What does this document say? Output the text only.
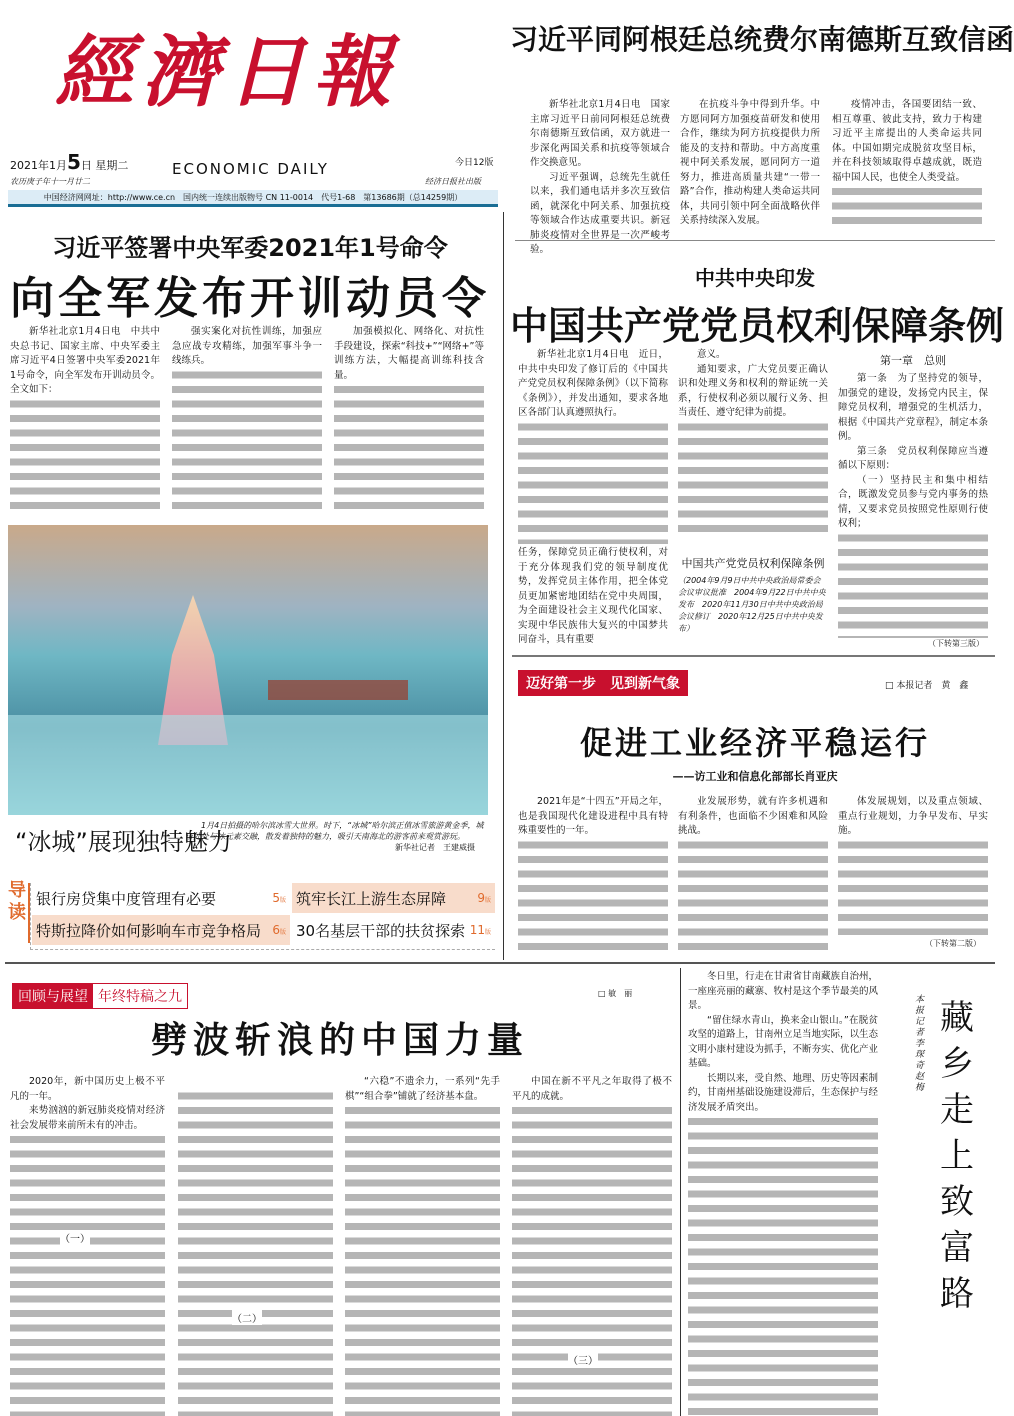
經濟日報
2021年1月5日 星期二
农历庚子年十一月廿二
ECONOMIC DAILY	今日12版
经济日报社出版
中国经济网网址：http://www.ce.cn　国内统一连续出版物号 CN 11-0014　代号1-68　第13686期（总14259期）
习近平同阿根廷总统费尔南德斯互致信函

新华社北京1月4日电　国家主席习近平日前同阿根廷总统费尔南德斯互致信函，双方就进一步深化两国关系和抗疫等领域合作交换意见。

习近平强调，总统先生就任以来，我们通电话并多次互致信函，就深化中阿关系、加强抗疫等领域合作达成重要共识。新冠肺炎疫情对全世界是一次严峻考验。

在抗疫斗争中得到升华。中方愿同阿方加强疫苗研发和使用合作，继续为阿方抗疫提供力所能及的支持和帮助。中方高度重视中阿关系发展，愿同阿方一道努力，推进高质量共建“一带一路”合作，推动构建人类命运共同体，共同引领中阿全面战略伙伴关系持续深入发展。

疫情冲击，各国要团结一致、相互尊重、彼此支持，致力于构建习近平主席提出的人类命运共同体。中国如期完成脱贫攻坚目标，并在科技领域取得卓越成就，既造福中国人民，也使全人类受益。

习近平签署中央军委2021年1号命令
向全军发布开训动员令

新华社北京1月4日电　中共中央总书记、国家主席、中央军委主席习近平4日签署中央军委2021年1号命令，向全军发布开训动员令。全文如下：

强实案化对抗性训练，加强应急应战专攻精练，加强军事斗争一线练兵。

加强模拟化、网络化、对抗性手段建设，探索“科技+”“网络+”等训练方法，大幅提高训练科技含量。

“冰城”展现独特魅力
1月4日拍摄的哈尔滨冰雪大世界。时下，“冰城”哈尔滨正值冰雪旅游黄金季，城市处处与冰元素交融，散发着独特的魅力，吸引天南海北的游客前来观赏游玩。
新华社记者　王建威摄
导读
银行房贷集中度管理有必要	5版 筑牢长江上游生态屏障	9版
特斯拉降价如何影响车市竞争格局 6版 30名基层干部的扶贫探索 11版
中共中央印发
中国共产党党员权利保障条例

新华社北京1月4日电　近日，中共中央印发了修订后的《中国共产党党员权利保障条例》（以下简称《条例》），并发出通知，要求各地区各部门认真遵照执行。

任务，保障党员正确行使权利，对于充分体现我们党的领导制度优势，发挥党员主体作用，把全体党员更加紧密地团结在党中央周围，为全面建设社会主义现代化国家、实现中华民族伟大复兴的中国梦共同奋斗，具有重要

意义。

通知要求，广大党员要正确认识和处理义务和权利的辩证统一关系，行使权利必须以履行义务、担当责任、遵守纪律为前提。

中国共产党党员权利保障条例
（2004年9月9日中共中央政治局常委会会议审议批准　2004年9月22日中共中央发布　2020年11月30日中共中央政治局会议修订　2020年12月25日中共中央发布）
第一章　总则

第一条　为了坚持党的领导，加强党的建设，发扬党内民主，保障党员权利，增强党的生机活力，根据《中国共产党章程》，制定本条例。

第三条　党员权利保障应当遵循以下原则：

（一）坚持民主和集中相结合，既激发党员参与党内事务的热情，又要求党员按照党性原则行使权利；

（下转第三版）
迈好第一步　见到新气象	□ 本报记者　黄　鑫
促进工业经济平稳运行
——访工业和信息化部部长肖亚庆

2021年是“十四五”开局之年，也是我国现代化建设进程中具有特殊重要性的一年。

业发展形势，就有许多机遇和有利条件，也面临不少困难和风险挑战。

体发展规划，以及重点领域、重点行业规划，力争早发布、早实施。

（下转第二版）
回顾与展望 年终特稿之九	□ 敏　丽
劈波斩浪的中国力量

2020年，新中国历史上极不平凡的一年。

来势汹汹的新冠肺炎疫情对经济社会发展带来前所未有的冲击。

（一）

（二）

“六稳”不遗余力，一系列“先手棋”“组合拳”铺就了经济基本盘。

中国在新不平凡之年取得了极不平凡的成就。

（三）

冬日里，行走在甘肃省甘南藏族自治州，一座座亮丽的藏寨、牧村是这个季节最美的风景。

“留住绿水青山，换来金山银山。”在脱贫攻坚的道路上，甘南州立足当地实际，以生态文明小康村建设为抓手，不断夯实、优化产业基础。

长期以来，受自然、地理、历史等因素制约，甘南州基础设施建设滞后，生态保护与经济发展矛盾突出。

本报记者　李琛奇　赵　梅
藏乡走上致富路
